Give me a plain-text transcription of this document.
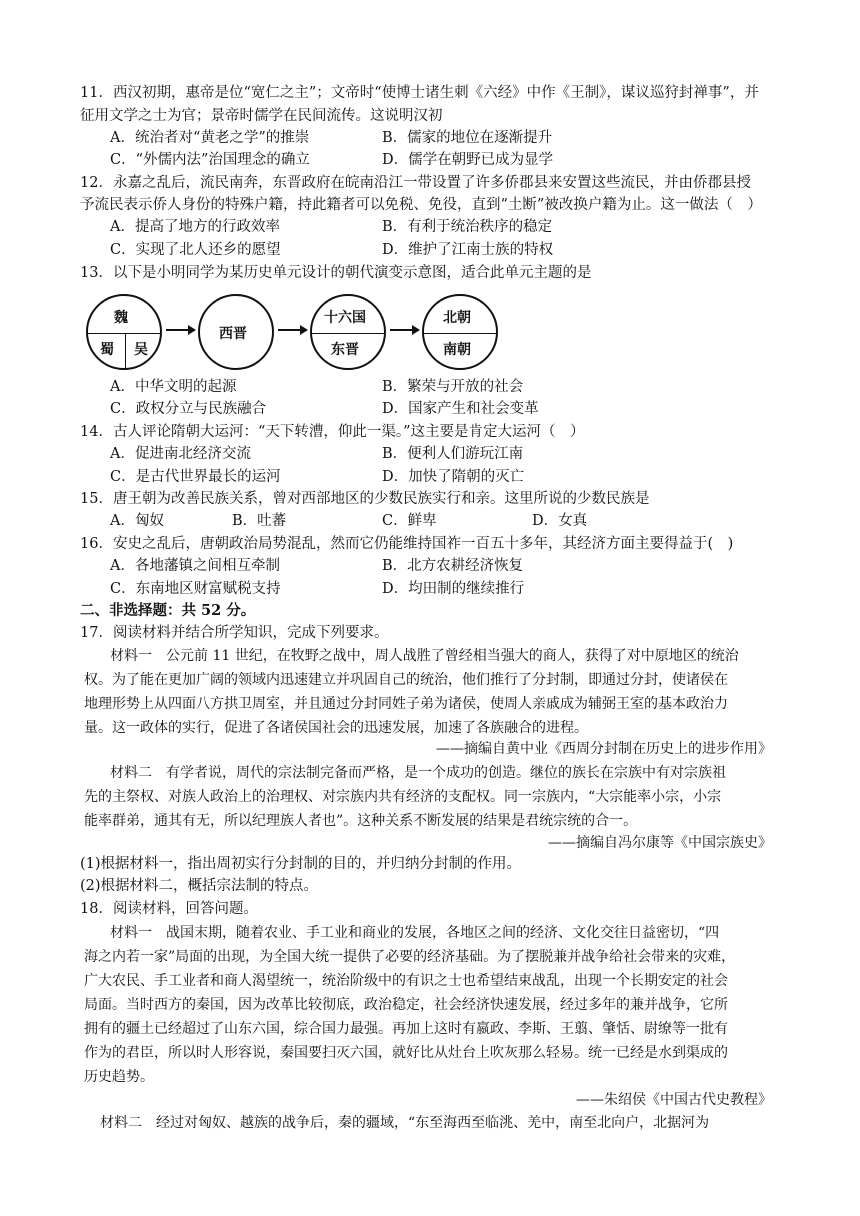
11．西汉初期，惠帝是位“宽仁之主”；文帝时“使博士诸生刺《六经》中作《王制》，谋议巡狩封禅事”，并
征用文学之士为官；景帝时儒学在民间流传。这说明汉初
A．统治者对“黄老之学”的推崇	B．儒家的地位在逐渐提升
C．“外儒内法”治国理念的确立	D．儒学在朝野已成为显学
12．永嘉之乱后，流民南奔，东晋政府在皖南沿江一带设置了许多侨郡县来安置这些流民，并由侨郡县授
予流民表示侨人身份的特殊户籍，持此籍者可以免税、免役，直到“土断”被改换户籍为止。这一做法（　）
A．提高了地方的行政效率	B．有利于统治秩序的稳定
C．实现了北人还乡的愿望	D．维护了江南士族的特权
13．以下是小明同学为某历史单元设计的朝代演变示意图，适合此单元主题的是
魏
蜀 吴
西晋
十六国
东晋
北朝
南朝
A．中华文明的起源	B．繁荣与开放的社会
C．政权分立与民族融合	D．国家产生和社会变革
14．古人评论隋朝大运河：“天下转漕，仰此一渠。”这主要是肯定大运河（　）
A．促进南北经济交流	B．便利人们游玩江南
C．是古代世界最长的运河	D．加快了隋朝的灭亡
15．唐王朝为改善民族关系，曾对西部地区的少数民族实行和亲。这里所说的少数民族是
A．匈奴	B．吐蕃	C．鲜卑	D．女真
16．安史之乱后，唐朝政治局势混乱，然而它仍能维持国祚一百五十多年，其经济方面主要得益于(　)
A．各地藩镇之间相互牵制	B．北方农耕经济恢复
C．东南地区财富赋税支持	D．均田制的继续推行
二、非选择题：共 52 分。
17．阅读材料并结合所学知识，完成下列要求。
材料一　公元前 11 世纪，在牧野之战中，周人战胜了曾经相当强大的商人，获得了对中原地区的统治
权。为了能在更加广阔的领域内迅速建立并巩固自己的统治，他们推行了分封制，即通过分封，使诸侯在
地理形势上从四面八方拱卫周室，并且通过分封同姓子弟为诸侯，使周人亲戚成为辅弼王室的基本政治力
量。这一政体的实行，促进了各诸侯国社会的迅速发展，加速了各族融合的进程。
——摘编自黄中业《西周分封制在历史上的进步作用》
材料二　有学者说，周代的宗法制完备而严格，是一个成功的创造。继位的族长在宗族中有对宗族祖
先的主祭权、对族人政治上的治理权、对宗族内共有经济的支配权。同一宗族内，“大宗能率小宗，小宗
能率群弟，通其有无，所以纪理族人者也”。这种关系不断发展的结果是君统宗统的合一。
——摘编自冯尔康等《中国宗族史》
(1)根据材料一，指出周初实行分封制的目的，并归纳分封制的作用。
(2)根据材料二，概括宗法制的特点。
18．阅读材料，回答问题。
材料一　战国末期，随着农业、手工业和商业的发展，各地区之间的经济、文化交往日益密切，“四
海之内若一家”局面的出现，为全国大统一提供了必要的经济基础。为了摆脱兼并战争给社会带来的灾难，
广大农民、手工业者和商人渴望统一，统治阶级中的有识之士也希望结束战乱，出现一个长期安定的社会
局面。当时西方的秦国，因为改革比较彻底，政治稳定，社会经济快速发展，经过多年的兼并战争，它所
拥有的疆土已经超过了山东六国，综合国力最强。再加上这时有嬴政、李斯、王翦、肇恬、尉缭等一批有
作为的君臣，所以时人形容说，秦国要扫灭六国，就好比从灶台上吹灰那么轻易。统一已经是水到渠成的
历史趋势。
——朱绍侯《中国古代史教程》
材料二　经过对匈奴、越族的战争后，秦的疆域，“东至海西至临洮、羌中，南至北向户，北据河为
